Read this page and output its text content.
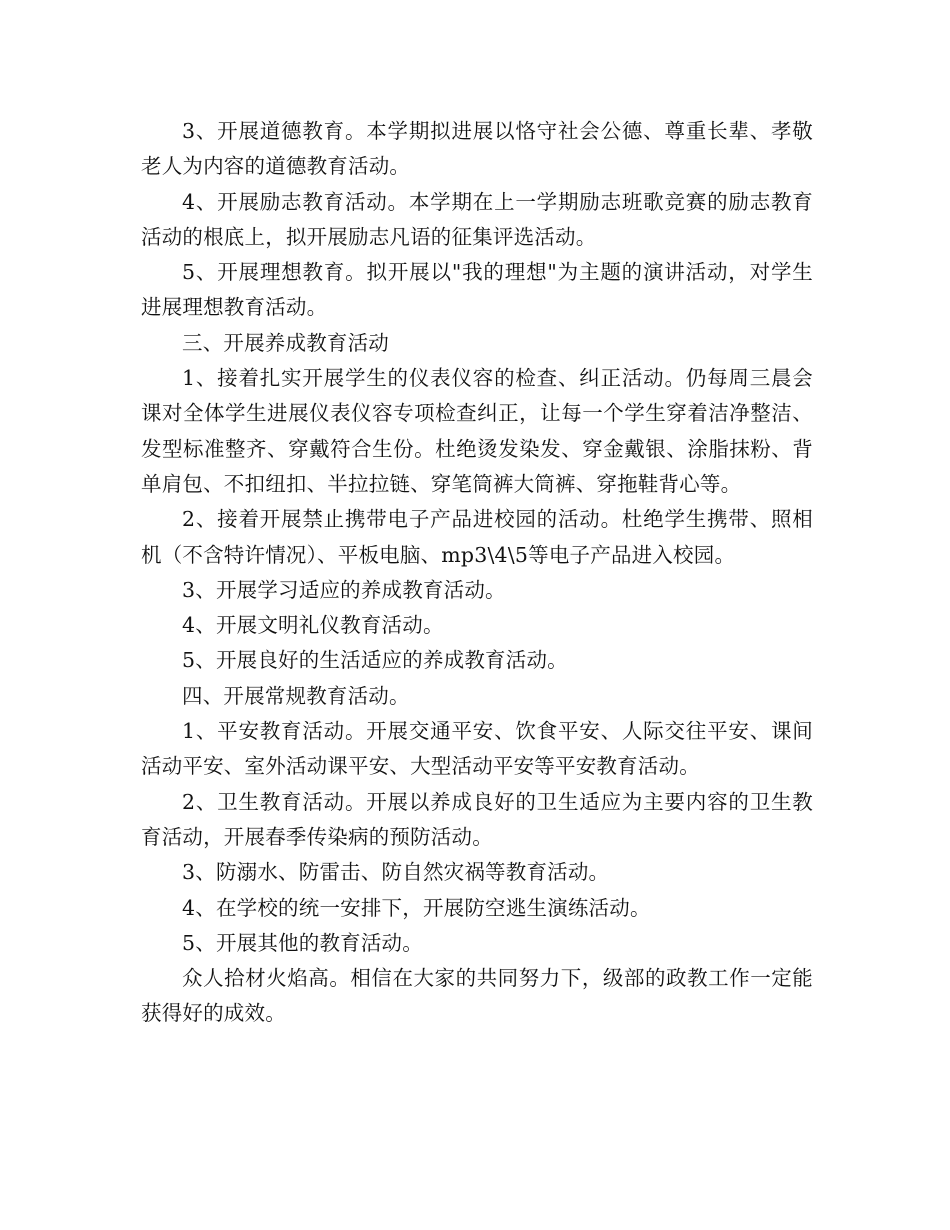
3、开展道德教育。本学期拟进展以恪守社会公德、尊重长辈、孝敬老人为内容的道德教育活动。

4、开展励志教育活动。本学期在上一学期励志班歌竞赛的励志教育活动的根底上，拟开展励志凡语的征集评选活动。

5、开展理想教育。拟开展以"我的理想"为主题的演讲活动，对学生进展理想教育活动。

三、开展养成教育活动

1、接着扎实开展学生的仪表仪容的检查、纠正活动。仍每周三晨会课对全体学生进展仪表仪容专项检查纠正，让每一个学生穿着洁净整洁、发型标准整齐、穿戴符合生份。杜绝烫发染发、穿金戴银、涂脂抹粉、背单肩包、不扣纽扣、半拉拉链、穿笔筒裤大筒裤、穿拖鞋背心等。

2、接着开展禁止携带电子产品进校园的活动。杜绝学生携带、照相机（不含特许情况）、平板电脑、mp3\4\5等电子产品进入校园。

3、开展学习适应的养成教育活动。

4、开展文明礼仪教育活动。

5、开展良好的生活适应的养成教育活动。

四、开展常规教育活动。

1、平安教育活动。开展交通平安、饮食平安、人际交往平安、课间活动平安、室外活动课平安、大型活动平安等平安教育活动。

2、卫生教育活动。开展以养成良好的卫生适应为主要内容的卫生教育活动，开展春季传染病的预防活动。

3、防溺水、防雷击、防自然灾祸等教育活动。

4、在学校的统一安排下，开展防空逃生演练活动。

5、开展其他的教育活动。

众人拾材火焰高。相信在大家的共同努力下，级部的政教工作一定能获得好的成效。
